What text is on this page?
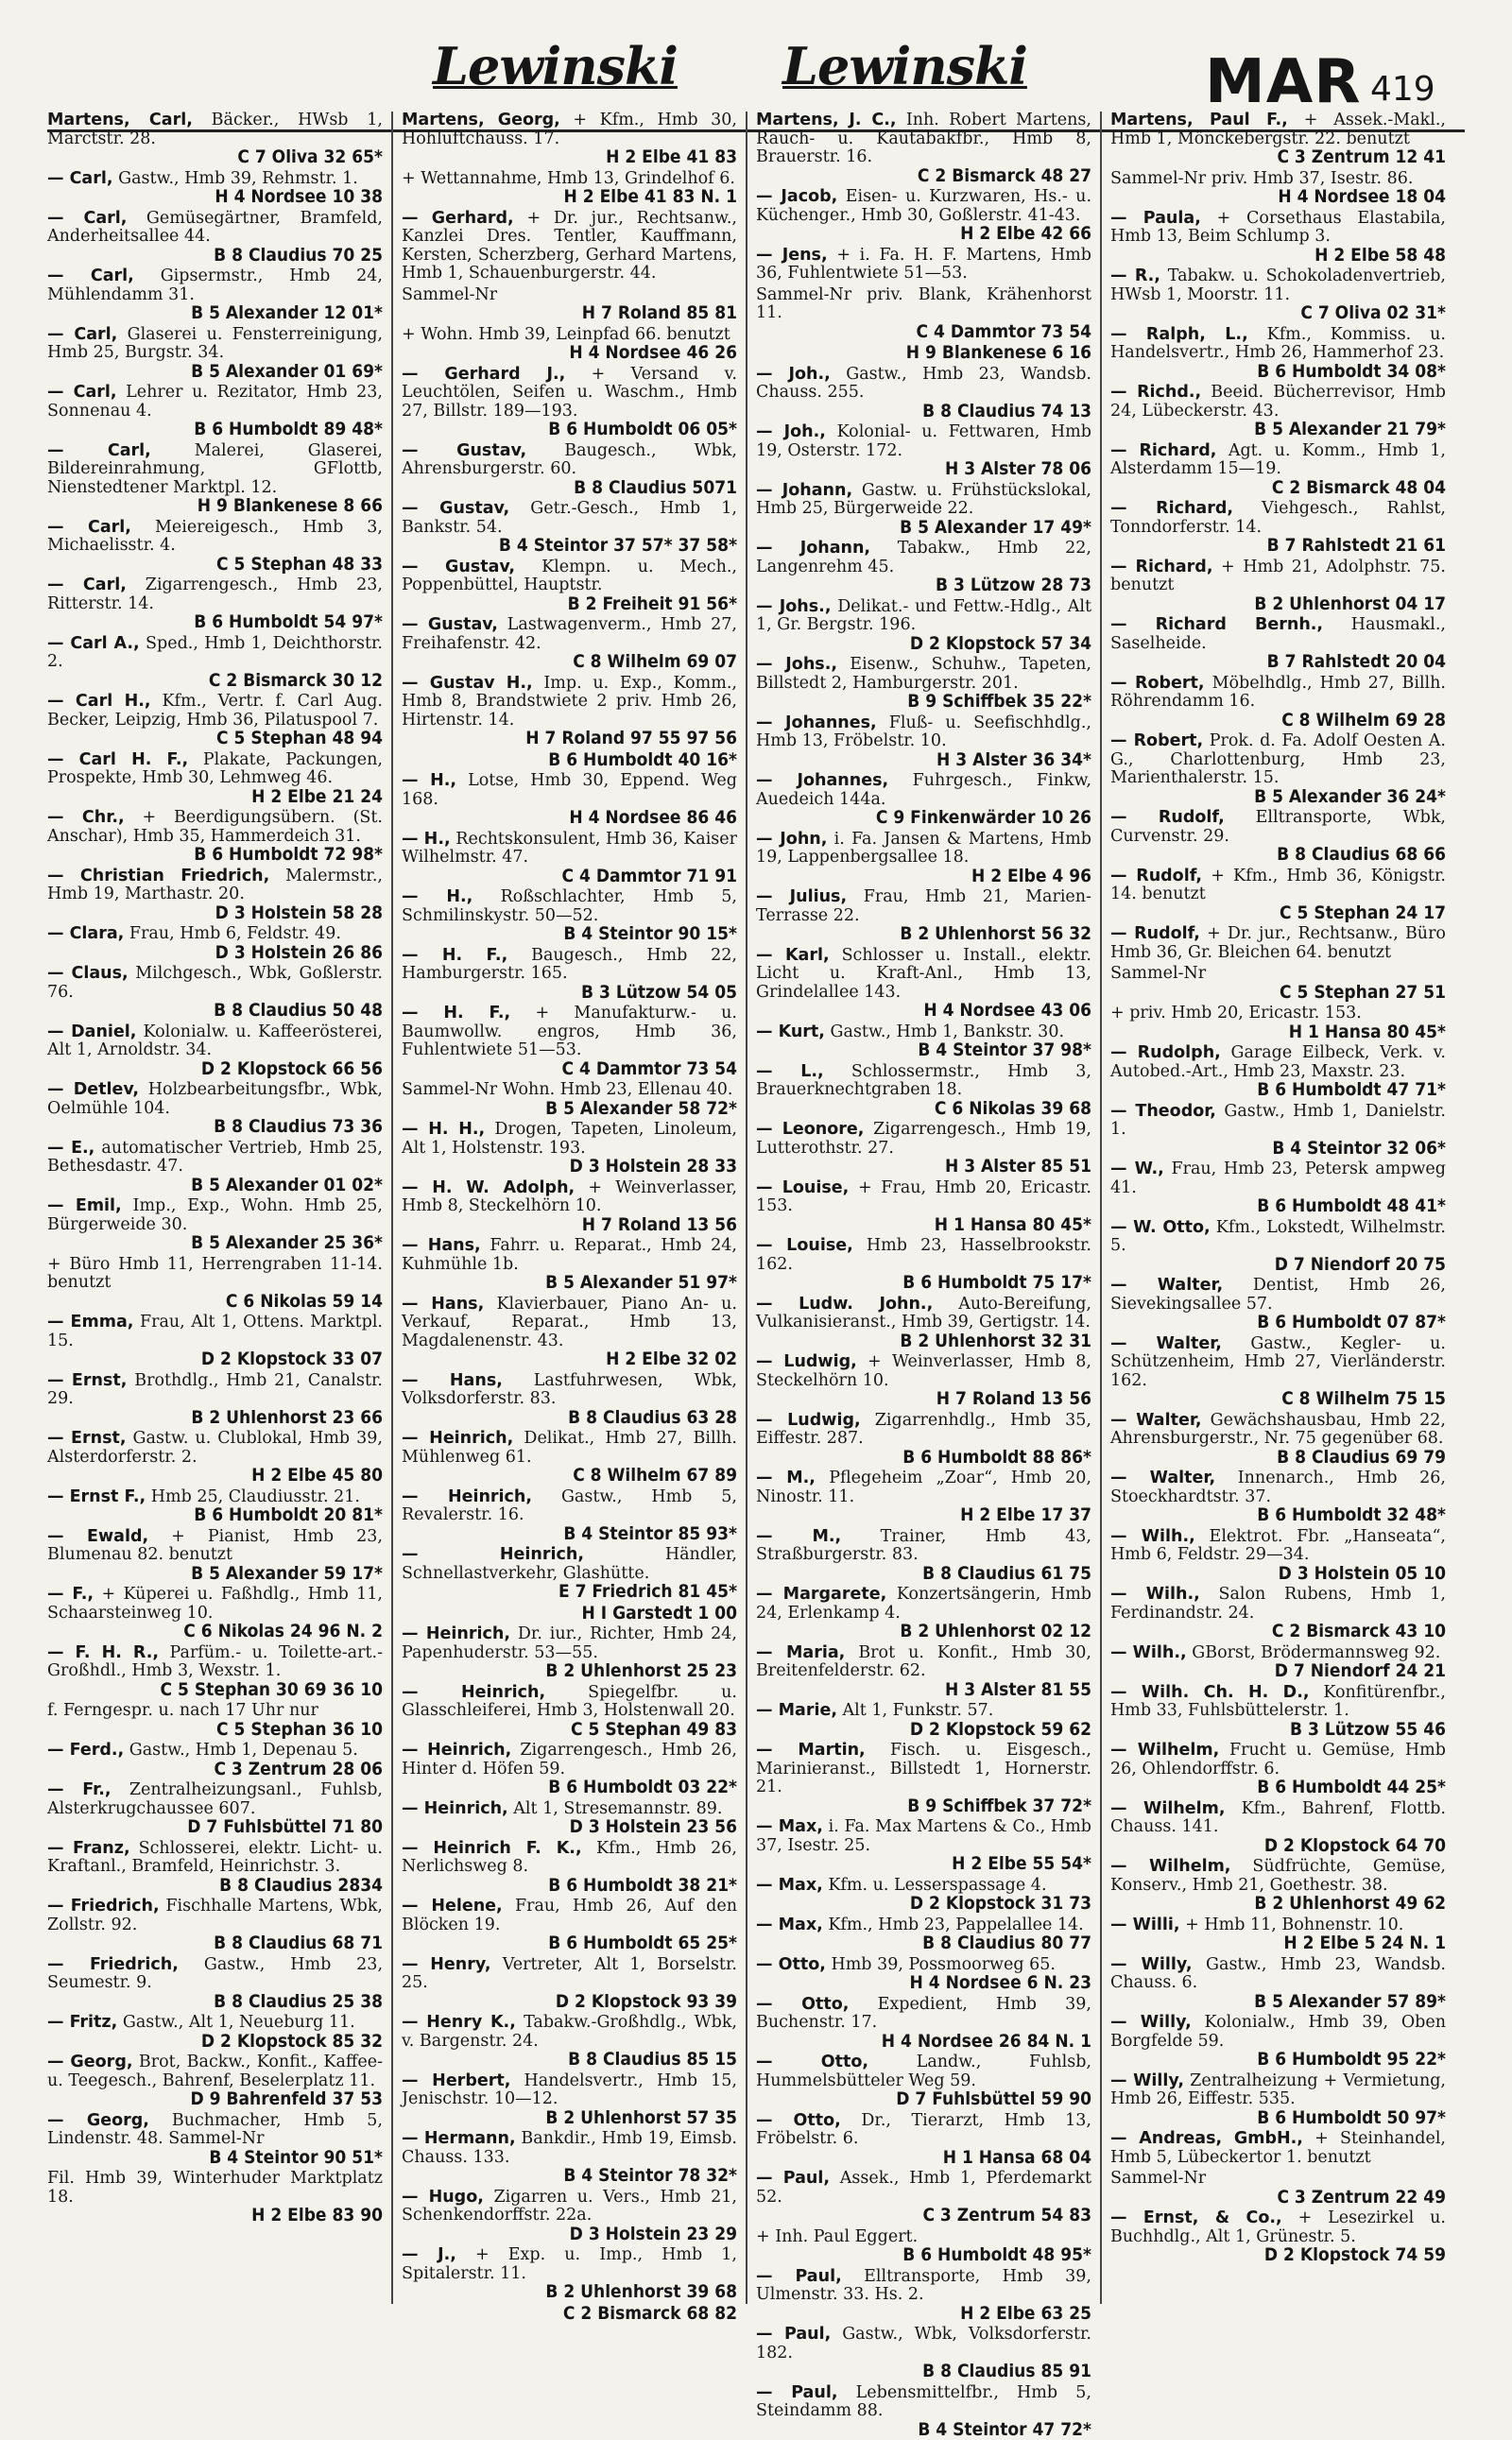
Lewinski Lewinski	MAR 419
Martens, Carl, Bäcker., HWsb 1, Marctstr. 28.
C 7 Oliva 32 65*
— Carl, Gastw., Hmb 39, Rehmstr. 1.
H 4 Nordsee 10 38
— Carl, Gemüsegärtner, Bramfeld, Anderheitsallee 44.
B 8 Claudius 70 25
— Carl, Gipsermstr., Hmb 24, Mühlendamm 31.
B 5 Alexander 12 01*
— Carl, Glaserei u. Fensterreinigung, Hmb 25, Burgstr. 34.
B 5 Alexander 01 69*
— Carl, Lehrer u. Rezitator, Hmb 23, Sonnenau 4.
B 6 Humboldt 89 48*
— Carl,	Malerei, Glaserei, Bildereinrahmung, GFlottb, Nienstedtener Marktpl. 12.
H 9 Blankenese 8 66
— Carl, Meiereigesch., Hmb 3, Michaelisstr. 4.
C 5 Stephan 48 33
— Carl, Zigarrengesch., Hmb 23, Ritterstr. 14.
B 6 Humboldt 54 97*
— Carl A., Sped., Hmb 1, Deichthorstr. 2.
C 2 Bismarck 30 12
— Carl H., Kfm., Vertr. f. Carl Aug. Becker, Leipzig, Hmb 36, Pilatuspool 7.
C 5 Stephan 48 94
— Carl H. F., Plakate, Packungen, Prospekte, Hmb 30, Lehmweg 46.
H 2 Elbe 21 24
— Chr., + Beerdigungsübern. (St. Anschar), Hmb 35, Hammerdeich 31.
B 6 Humboldt 72 98*
— Christian Friedrich, Malermstr., Hmb 19, Marthastr. 20.
D 3 Holstein 58 28
— Clara, Frau, Hmb 6, Feldstr. 49.
D 3 Holstein 26 86
— Claus, Milchgesch., Wbk, Goßlerstr. 76.
B 8 Claudius 50 48
— Daniel, Kolonialw. u. Kaffeerösterei, Alt 1, Arnoldstr. 34.
D 2 Klopstock 66 56
— Detlev, Holzbearbeitungsfbr., Wbk, Oelmühle 104.
B 8 Claudius 73 36
— E., automatischer Vertrieb, Hmb 25, Bethesdastr. 47.
B 5 Alexander 01 02*
— Emil, Imp., Exp., Wohn. Hmb 25, Bürgerweide 30.
B 5 Alexander 25 36*
+ Büro Hmb 11, Herrengraben 11-14. benutzt
C 6 Nikolas 59 14
— Emma, Frau, Alt 1, Ottens. Marktpl. 15.
D 2 Klopstock 33 07
— Ernst, Brothdlg., Hmb 21, Canalstr. 29.
B 2 Uhlenhorst 23 66
— Ernst, Gastw. u. Clublokal, Hmb 39, Alsterdorferstr. 2.
H 2 Elbe 45 80
— Ernst F., Hmb 25, Claudiusstr. 21.
B 6 Humboldt 20 81*
— Ewald, + Pianist, Hmb 23, Blumenau 82. benutzt
B 5 Alexander 59 17*
— F., + Küperei u. Faßhdlg., Hmb 11, Schaarsteinweg 10.
C 6 Nikolas 24 96 N. 2
— F. H. R., Parfüm.- u. Toilette-art.-Großhdl., Hmb 3, Wexstr. 1.
C 5 Stephan 30 69 36 10
f. Ferngespr. u. nach 17 Uhr nur
C 5 Stephan 36 10
— Ferd., Gastw., Hmb 1, Depenau 5.
C 3 Zentrum 28 06
— Fr., Zentralheizungsanl., Fuhlsb, Alsterkrugchaussee 607.
D 7 Fuhlsbüttel 71 80
— Franz, Schlosserei, elektr. Licht- u. Kraftanl., Bramfeld, Heinrichstr. 3.
B 8 Claudius 2834
— Friedrich, Fischhalle Martens, Wbk, Zollstr. 92.
B 8 Claudius 68 71
— Friedrich, Gastw., Hmb 23, Seumestr. 9.
B 8 Claudius 25 38
— Fritz, Gastw., Alt 1, Neueburg 11.
D 2 Klopstock 85 32
— Georg, Brot, Backw., Konfit., Kaffee- u. Teegesch., Bahrenf, Beselerplatz 11.
D 9 Bahrenfeld 37 53
— Georg, Buchmacher, Hmb 5, Lindenstr. 48. Sammel-Nr
B 4 Steintor 90 51*
Fil. Hmb 39, Winterhuder Marktplatz 18.
H 2 Elbe 83 90
Martens, Georg, + Kfm., Hmb 30, Hohluftchauss. 17.
H 2 Elbe 41 83
+ Wettannahme, Hmb 13, Grindelhof 6.
H 2 Elbe 41 83 N. 1
— Gerhard, + Dr. jur., Rechtsanw., Kanzlei Dres. Tentler, Kauffmann, Kersten, Scherzberg, Gerhard Martens, Hmb 1, Schauenburgerstr. 44.
Sammel-Nr
H 7 Roland 85 81
+ Wohn. Hmb 39, Leinpfad 66. benutzt
H 4 Nordsee 46 26
— Gerhard J., + Versand v. Leuchtölen, Seifen u. Waschm., Hmb 27, Billstr. 189—193.
B 6 Humboldt 06 05*
— Gustav, Baugesch., Wbk, Ahrensburgerstr. 60.
B 8 Claudius 5071
— Gustav, Getr.-Gesch., Hmb 1, Bankstr. 54.
B 4 Steintor 37 57* 37 58*
— Gustav, Klempn. u. Mech., Poppenbüttel, Hauptstr.
B 2 Freiheit 91 56*
— Gustav, Lastwagenverm., Hmb 27, Freihafenstr. 42.
C 8 Wilhelm 69 07
— Gustav H., Imp. u. Exp., Komm., Hmb 8, Brandstwiete 2 priv. Hmb 26, Hirtenstr. 14.
H 7 Roland 97 55 97 56
B 6 Humboldt 40 16*
— H., Lotse, Hmb 30, Eppend. Weg 168.
H 4 Nordsee 86 46
— H., Rechtskonsulent, Hmb 36, Kaiser Wilhelmstr. 47.
C 4 Dammtor 71 91
— H., Roßschlachter, Hmb 5, Schmilinskystr. 50—52.
B 4 Steintor 90 15*
— H. F., Baugesch., Hmb 22, Hamburgerstr. 165.
B 3 Lützow 54 05
— H. F., + Manufakturw.- u. Baumwollw. engros, Hmb 36, Fuhlentwiete 51—53.
C 4 Dammtor 73 54
Sammel-Nr Wohn. Hmb 23, Ellenau 40.
B 5 Alexander 58 72*
— H. H., Drogen, Tapeten, Linoleum, Alt 1, Holstenstr. 193.
D 3 Holstein 28 33
— H. W. Adolph, + Weinverlasser, Hmb 8, Steckelhörn 10.
H 7 Roland 13 56
— Hans, Fahrr. u. Reparat., Hmb 24, Kuhmühle 1b.
B 5 Alexander 51 97*
— Hans, Klavierbauer, Piano An- u. Verkauf, Reparat., Hmb 13, Magdalenenstr. 43.
H 2 Elbe 32 02
— Hans, Lastfuhrwesen, Wbk, Volksdorferstr. 83.
B 8 Claudius 63 28
— Heinrich, Delikat., Hmb 27, Billh. Mühlenweg 61.
C 8 Wilhelm 67 89
— Heinrich, Gastw., Hmb 5, Revalerstr. 16.
B 4 Steintor 85 93*
— Heinrich,	Händler, Schnellastverkehr, Glashütte.
E 7 Friedrich 81 45*
H I Garstedt 1 00
— Heinrich, Dr. iur., Richter, Hmb 24, Papenhuderstr. 53—55.
B 2 Uhlenhorst 25 23
— Heinrich,	Spiegelfbr. u. Glasschleiferei, Hmb 3, Holstenwall 20.
C 5 Stephan 49 83
— Heinrich, Zigarrengesch., Hmb 26, Hinter d. Höfen 59.
B 6 Humboldt 03 22*
— Heinrich, Alt 1, Stresemannstr. 89.
D 3 Holstein 23 56
— Heinrich F. K., Kfm., Hmb 26, Nerlichsweg 8.
B 6 Humboldt 38 21*
— Helene, Frau, Hmb 26, Auf den Blöcken 19.
B 6 Humboldt 65 25*
— Henry, Vertreter, Alt 1, Borselstr. 25.
D 2 Klopstock 93 39
— Henry K., Tabakw.-Großhdlg., Wbk, v. Bargenstr. 24.
B 8 Claudius 85 15
— Herbert, Handelsvertr., Hmb 15, Jenischstr. 10—12.
B 2 Uhlenhorst 57 35
— Hermann, Bankdir., Hmb 19, Eimsb. Chauss. 133.
B 4 Steintor 78 32*
— Hugo, Zigarren u. Vers., Hmb 21, Schenkendorffstr. 22a.
D 3 Holstein 23 29
— J., + Exp. u. Imp., Hmb 1, Spitalerstr. 11.
B 2 Uhlenhorst 39 68
C 2 Bismarck 68 82
Martens, J. C., Inh. Robert Martens, Rauch- u. Kautabakfbr., Hmb 8, Brauerstr. 16.
C 2 Bismarck 48 27
— Jacob, Eisen- u. Kurzwaren, Hs.- u. Küchenger., Hmb 30, Goßlerstr. 41-43.
H 2 Elbe 42 66
— Jens, + i. Fa. H. F. Martens, Hmb 36, Fuhlentwiete 51—53.
Sammel-Nr priv. Blank, Krähenhorst 11.
C 4 Dammtor 73 54
H 9 Blankenese 6 16
— Joh., Gastw., Hmb 23, Wandsb. Chauss. 255.
B 8 Claudius 74 13
— Joh., Kolonial- u. Fettwaren, Hmb 19, Osterstr. 172.
H 3 Alster 78 06
— Johann, Gastw. u. Frühstückslokal, Hmb 25, Bürgerweide 22.
B 5 Alexander 17 49*
— Johann, Tabakw., Hmb 22, Langenrehm 45.
B 3 Lützow 28 73
— Johs., Delikat.- und Fettw.-Hdlg., Alt 1, Gr. Bergstr. 196.
D 2 Klopstock 57 34
— Johs., Eisenw., Schuhw., Tapeten, Billstedt 2, Hamburgerstr. 201.
B 9 Schiffbek 35 22*
— Johannes, Fluß- u. Seefischhdlg., Hmb 13, Fröbelstr. 10.
H 3 Alster 36 34*
— Johannes, Fuhrgesch., Finkw, Auedeich 144a.
C 9 Finkenwärder 10 26
— John, i. Fa. Jansen & Martens, Hmb 19, Lappenbergsallee 18.
H 2 Elbe 4 96
— Julius, Frau, Hmb 21, Marien-Terrasse 22.
B 2 Uhlenhorst 56 32
— Karl, Schlosser u. Install., elektr. Licht u. Kraft-Anl., Hmb 13, Grindelallee 143.
H 4 Nordsee 43 06
— Kurt, Gastw., Hmb 1, Bankstr. 30.
B 4 Steintor 37 98*
— L., Schlossermstr., Hmb 3, Brauerknechtgraben 18.
C 6 Nikolas 39 68
— Leonore, Zigarrengesch., Hmb 19, Lutterothstr. 27.
H 3 Alster 85 51
— Louise, + Frau, Hmb 20, Ericastr. 153.
H 1 Hansa 80 45*
— Louise, Hmb 23, Hasselbrookstr. 162.
B 6 Humboldt 75 17*
— Ludw. John., Auto-Bereifung, Vulkanisieranst., Hmb 39, Gertigstr. 14.
B 2 Uhlenhorst 32 31
— Ludwig, + Weinverlasser, Hmb 8, Steckelhörn 10.
H 7 Roland 13 56
— Ludwig, Zigarrenhdlg., Hmb 35, Eiffestr. 287.
B 6 Humboldt 88 86*
— M., Pflegeheim „Zoar“, Hmb 20, Ninostr. 11.
H 2 Elbe 17 37
— M., Trainer, Hmb 43, Straßburgerstr. 83.
B 8 Claudius 61 75
— Margarete, Konzertsängerin, Hmb 24, Erlenkamp 4.
B 2 Uhlenhorst 02 12
— Maria, Brot u. Konfit., Hmb 30, Breitenfelderstr. 62.
H 3 Alster 81 55
— Marie, Alt 1, Funkstr. 57.
D 2 Klopstock 59 62
— Martin, Fisch. u. Eisgesch., Marinieranst., Billstedt 1, Hornerstr. 21.
B 9 Schiffbek 37 72*
— Max, i. Fa. Max Martens & Co., Hmb 37, Isestr. 25.
H 2 Elbe 55 54*
— Max, Kfm. u. Lesserspassage 4.
D 2 Klopstock 31 73
— Max, Kfm., Hmb 23, Pappelallee 14.
B 8 Claudius 80 77
— Otto, Hmb 39, Possmoorweg 65.
H 4 Nordsee 6 N. 23
— Otto, Expedient, Hmb 39, Buchenstr. 17.
H 4 Nordsee 26 84 N. 1
— Otto,	Landw., Fuhlsb, Hummelsbütteler Weg 59.
D 7 Fuhlsbüttel 59 90
— Otto, Dr., Tierarzt, Hmb 13, Fröbelstr. 6.
H 1 Hansa 68 04
— Paul, Assek., Hmb 1, Pferdemarkt 52.
C 3 Zentrum 54 83
+ Inh. Paul Eggert.
B 6 Humboldt 48 95*
— Paul, Elltransporte, Hmb 39, Ulmenstr. 33. Hs. 2.
H 2 Elbe 63 25
— Paul, Gastw., Wbk, Volksdorferstr. 182.
B 8 Claudius 85 91
— Paul, Lebensmittelfbr., Hmb 5, Steindamm 88.
B 4 Steintor 47 72*
Martens, Paul F., + Assek.-Makl., Hmb 1, Mönckebergstr. 22. benutzt
C 3 Zentrum 12 41
Sammel-Nr priv. Hmb 37, Isestr. 86.
H 4 Nordsee 18 04
— Paula, + Corsethaus Elastabila, Hmb 13, Beim Schlump 3.
H 2 Elbe 58 48
— R., Tabakw. u. Schokoladenvertrieb, HWsb 1, Moorstr. 11.
C 7 Oliva 02 31*
— Ralph, L., Kfm., Kommiss. u. Handelsvertr., Hmb 26, Hammerhof 23.
B 6 Humboldt 34 08*
— Richd., Beeid. Bücherrevisor, Hmb 24, Lübeckerstr. 43.
B 5 Alexander 21 79*
— Richard, Agt. u. Komm., Hmb 1, Alsterdamm 15—19.
C 2 Bismarck 48 04
— Richard, Viehgesch., Rahlst, Tonndorferstr. 14.
B 7 Rahlstedt 21 61
— Richard, + Hmb 21, Adolphstr. 75. benutzt
B 2 Uhlenhorst 04 17
— Richard Bernh., Hausmakl., Saselheide.
B 7 Rahlstedt 20 04
— Robert, Möbelhdlg., Hmb 27, Billh. Röhrendamm 16.
C 8 Wilhelm 69 28
— Robert, Prok. d. Fa. Adolf Oesten A. G., Charlottenburg, Hmb 23, Marienthalerstr. 15.
B 5 Alexander 36 24*
— Rudolf, Elltransporte, Wbk, Curvenstr. 29.
B 8 Claudius 68 66
— Rudolf, + Kfm., Hmb 36, Königstr. 14. benutzt
C 5 Stephan 24 17
— Rudolf, + Dr. jur., Rechtsanw., Büro Hmb 36, Gr. Bleichen 64. benutzt
Sammel-Nr
C 5 Stephan 27 51
+ priv. Hmb 20, Ericastr. 153.
H 1 Hansa 80 45*
— Rudolph, Garage Eilbeck, Verk. v. Autobed.-Art., Hmb 23, Maxstr. 23.
B 6 Humboldt 47 71*
— Theodor, Gastw., Hmb 1, Danielstr. 1.
B 4 Steintor 32 06*
— W., Frau, Hmb 23, Petersk ampweg 41.
B 6 Humboldt 48 41*
— W. Otto, Kfm., Lokstedt, Wilhelmstr. 5.
D 7 Niendorf 20 75
— Walter, Dentist, Hmb 26, Sievekingsallee 57.
B 6 Humboldt 07 87*
— Walter, Gastw., Kegler- u. Schützenheim, Hmb 27, Vierländerstr. 162.
C 8 Wilhelm 75 15
— Walter, Gewächshausbau, Hmb 22, Ahrensburgerstr., Nr. 75 gegenüber 68.
B 8 Claudius 69 79
— Walter, Innenarch., Hmb 26, Stoeckhardtstr. 37.
B 6 Humboldt 32 48*
— Wilh., Elektrot. Fbr. „Hanseata“, Hmb 6, Feldstr. 29—34.
D 3 Holstein 05 10
— Wilh., Salon Rubens, Hmb 1, Ferdinandstr. 24.
C 2 Bismarck 43 10
— Wilh., GBorst, Brödermannsweg 92.
D 7 Niendorf 24 21
— Wilh. Ch. H. D., Konfitürenfbr., Hmb 33, Fuhlsbüttelerstr. 1.
B 3 Lützow 55 46
— Wilhelm, Frucht u. Gemüse, Hmb 26, Ohlendorffstr. 6.
B 6 Humboldt 44 25*
— Wilhelm, Kfm., Bahrenf, Flottb. Chauss. 141.
D 2 Klopstock 64 70
— Wilhelm, Südfrüchte, Gemüse, Konserv., Hmb 21, Goethestr. 38.
B 2 Uhlenhorst 49 62
— Willi, + Hmb 11, Bohnenstr. 10.
H 2 Elbe 5 24 N. 1
— Willy, Gastw., Hmb 23, Wandsb. Chauss. 6.
B 5 Alexander 57 89*
— Willy, Kolonialw., Hmb 39, Oben Borgfelde 59.
B 6 Humboldt 95 22*
— Willy, Zentralheizung + Vermietung, Hmb 26, Eiffestr. 535.
B 6 Humboldt 50 97*
— Andreas, GmbH., + Steinhandel, Hmb 5, Lübeckertor 1. benutzt
Sammel-Nr
C 3 Zentrum 22 49
— Ernst, & Co., + Lesezirkel u. Buchhdlg., Alt 1, Grünestr. 5.
D 2 Klopstock 74 59
